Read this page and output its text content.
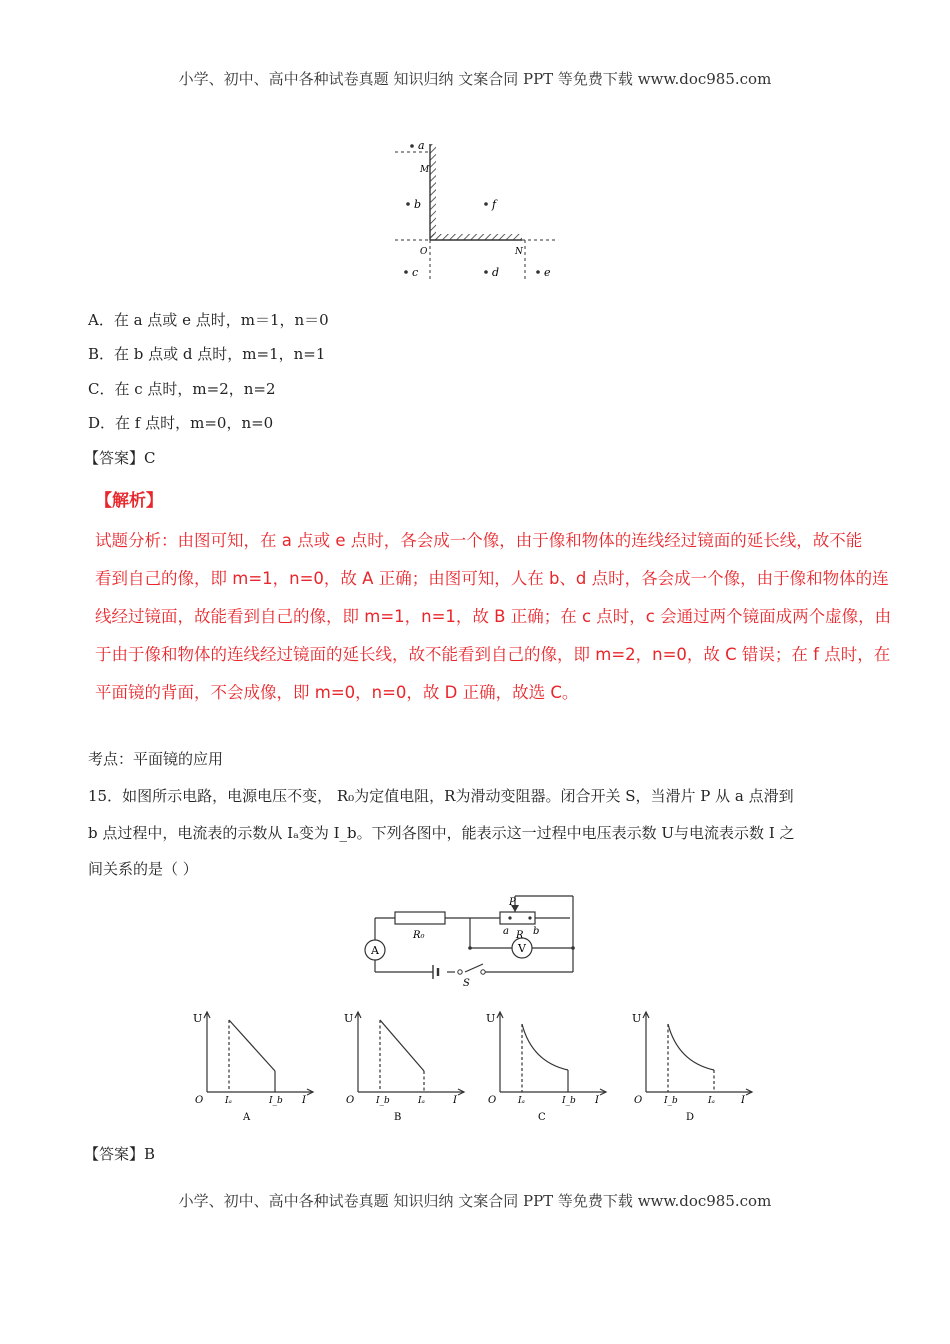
小学、初中、高中各种试卷真题 知识归纳 文案合同 PPT 等免费下载 www.doc985.com
a
b	f
c	d	e
M
O	N
A．在 a 点或 e 点时，m＝1，n＝0
B．在 b 点或 d 点时，m=1，n=1
C．在 c 点时，m=2，n=2
D．在 f 点时，m=0，n=0
【答案】C
【解析】
试题分析：由图可知，在 a 点或 e 点时，各会成一个像，由于像和物体的连线经过镜面的延长线，故不能
看到自己的像，即 m=1，n=0，故 A 正确；由图可知，人在 b、d 点时，各会成一个像，由于像和物体的连
线经过镜面，故能看到自己的像，即 m=1，n=1，故 B 正确；在 c 点时，c 会通过两个镜面成两个虚像，由
于由于像和物体的连线经过镜面的延长线，故不能看到自己的像，即 m=2，n=0，故 C 错误；在 f 点时，在
平面镜的背面，不会成像，即 m=0，n=0，故 D 正确，故选 C。
考点：平面镜的应用
15．如图所示电路，电源电压不变， R₀为定值电阻，R为滑动变阻器。闭合开关 S，当滑片 P 从 a 点滑到
b 点过程中，电流表的示数从 Iₐ变为 I_b。下列各图中，能表示这一过程中电压表示数 U与电流表示数 I 之
间关系的是（ ）
A	V
R₀
P
a R b
S
U
O Iₐ	I_b I
A
U
O I_b	Iₐ	I
B
U
O Iₐ	I_b I
C
U
O I_b	Iₐ	I
D
【答案】B
小学、初中、高中各种试卷真题 知识归纳 文案合同 PPT 等免费下载 www.doc985.com
